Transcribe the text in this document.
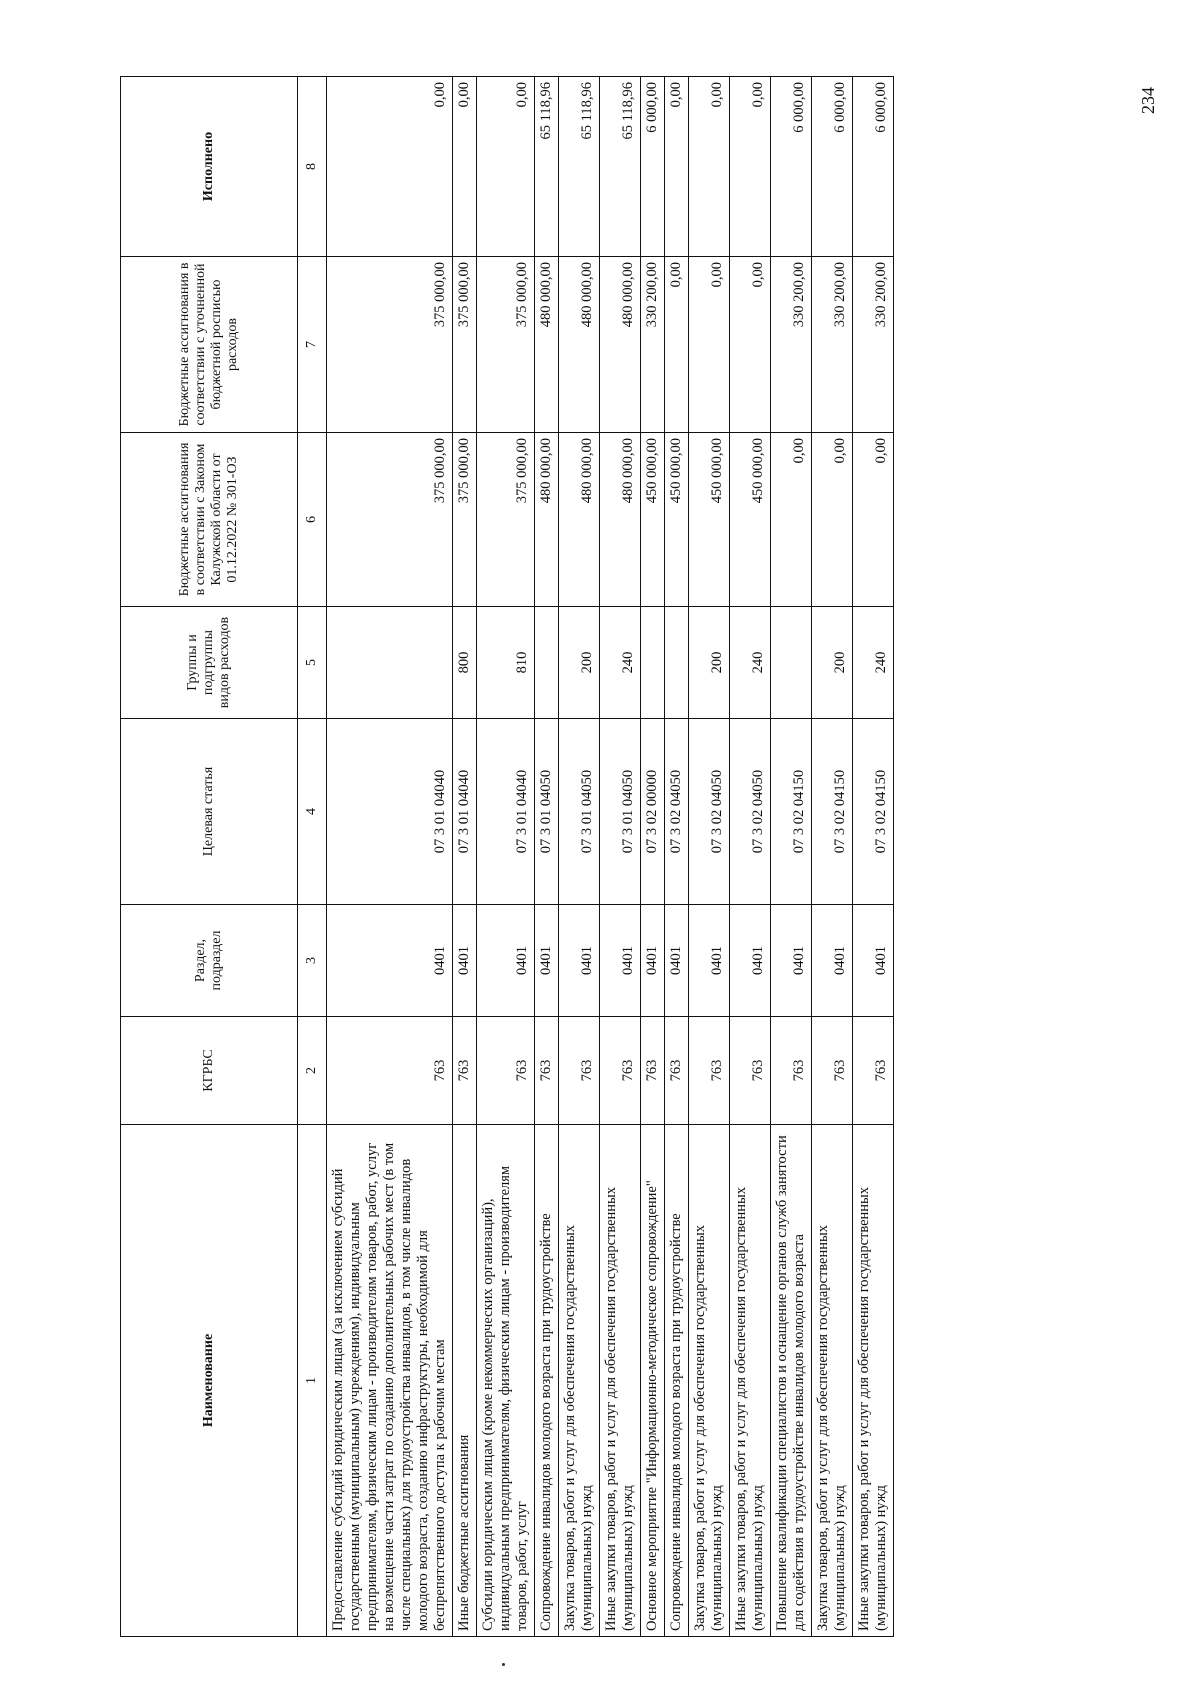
234
Наименование	КГРБС	Раздел, подраздел	Целевая статья	Группы и подгруппы видов расходов	Бюджетные ассигнования в соответствии с Законом Калужской области от 01.12.2022 № 301-ОЗ	Бюджетные ассигнования в соответствии с уточненной бюджетной росписью расходов	Исполнено
1	2	3	4	5	6	7	8
Предоставление субсидий юридическим лицам (за исключением субсидий государственным (муниципальным) учреждениям), индивидуальным предпринимателям, физическим лицам - производителям товаров, работ, услуг на возмещение части затрат по созданию дополнительных рабочих мест (в том числе специальных) для трудоустройства инвалидов, в том числе инвалидов молодого возраста, созданию инфраструктуры, необходимой для беспрепятственного доступа к рабочим местам	763	0401	07 3 01 04040		375 000,00	375 000,00	0,00
Иные бюджетные ассигнования	763	0401	07 3 01 04040	800	375 000,00	375 000,00	0,00
Субсидии юридическим лицам (кроме некоммерческих организаций), индивидуальным предпринимателям, физическим лицам - производителям товаров, работ, услуг	763	0401	07 3 01 04040	810	375 000,00	375 000,00	0,00
Сопровождение инвалидов молодого возраста при трудоустройстве	763	0401	07 3 01 04050		480 000,00	480 000,00	65 118,96
Закупка товаров, работ и услуг для обеспечения государственных (муниципальных) нужд	763	0401	07 3 01 04050	200	480 000,00	480 000,00	65 118,96
Иные закупки товаров, работ и услуг для обеспечения государственных (муниципальных) нужд	763	0401	07 3 01 04050	240	480 000,00	480 000,00	65 118,96
Основное мероприятие "Информационно-методическое сопровождение"	763	0401	07 3 02 00000		450 000,00	330 200,00	6 000,00
Сопровождение инвалидов молодого возраста при трудоустройстве	763	0401	07 3 02 04050		450 000,00	0,00	0,00
Закупка товаров, работ и услуг для обеспечения государственных (муниципальных) нужд	763	0401	07 3 02 04050	200	450 000,00	0,00	0,00
Иные закупки товаров, работ и услуг для обеспечения государственных (муниципальных) нужд	763	0401	07 3 02 04050	240	450 000,00	0,00	0,00
Повышение квалификации специалистов и оснащение органов служб занятости для содействия в трудоустройстве инвалидов молодого возраста	763	0401	07 3 02 04150		0,00	330 200,00	6 000,00
Закупка товаров, работ и услуг для обеспечения государственных (муниципальных) нужд	763	0401	07 3 02 04150	200	0,00	330 200,00	6 000,00
Иные закупки товаров, работ и услуг для обеспечения государственных (муниципальных) нужд	763	0401	07 3 02 04150	240	0,00	330 200,00	6 000,00
